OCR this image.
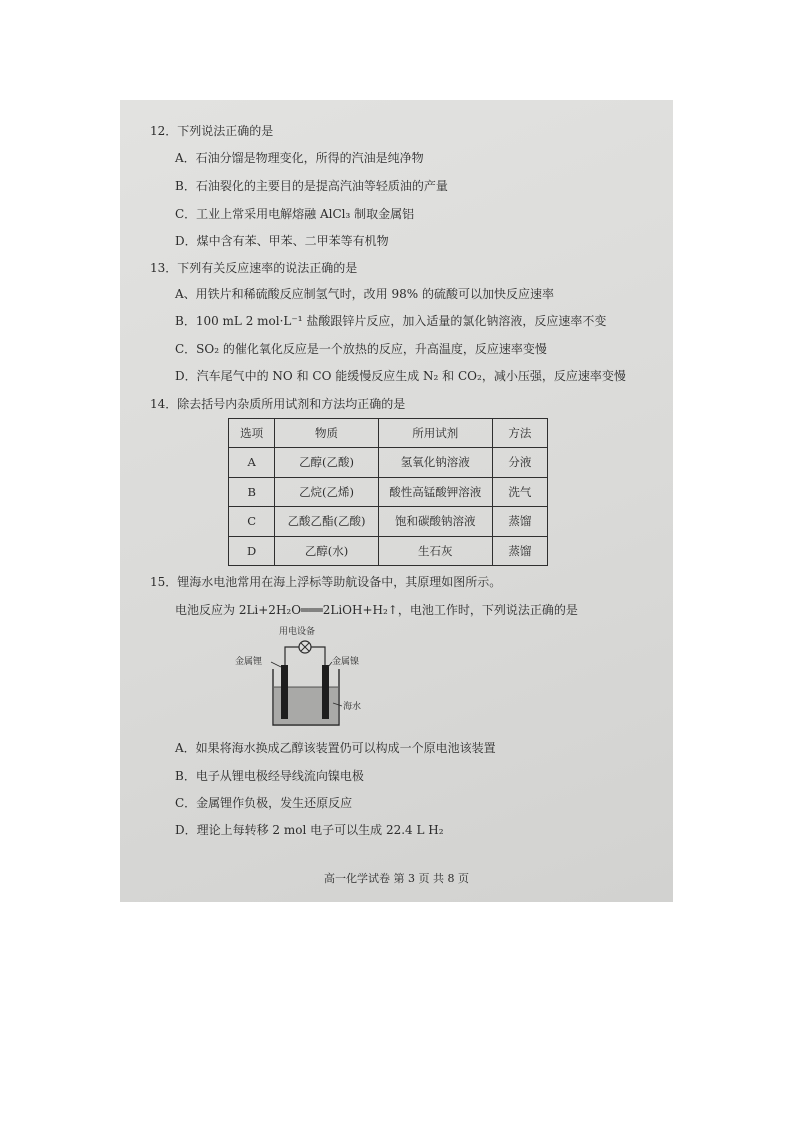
12．下列说法正确的是
A．石油分馏是物理变化，所得的汽油是纯净物
B．石油裂化的主要目的是提高汽油等轻质油的产量
C．工业上常采用电解熔融 AlCl₃ 制取金属铝
D．煤中含有苯、甲苯、二甲苯等有机物
13．下列有关反应速率的说法正确的是
A、用铁片和稀硫酸反应制氢气时，改用 98% 的硫酸可以加快反应速率
B．100 mL 2 mol·L⁻¹ 盐酸跟锌片反应，加入适量的氯化钠溶液，反应速率不变
C．SO₂ 的催化氧化反应是一个放热的反应，升高温度，反应速率变慢
D．汽车尾气中的 NO 和 CO 能缓慢反应生成 N₂ 和 CO₂，减小压强，反应速率变慢
14．除去括号内杂质所用试剂和方法均正确的是
选项	物质	所用试剂	方法
A	乙醇(乙酸)	氢氧化钠溶液	分液
B	乙烷(乙烯)	酸性高锰酸钾溶液	洗气
C	乙酸乙酯(乙酸)	饱和碳酸钠溶液	蒸馏
D	乙醇(水)	生石灰	蒸馏
15．锂海水电池常用在海上浮标等助航设备中，其原理如图所示。
电池反应为 2Li+2H₂O═══2LiOH+H₂↑，电池工作时，下列说法正确的是
用电设备
金属锂	金属镍
海水
A．如果将海水换成乙醇该装置仍可以构成一个原电池该装置
B．电子从锂电极经导线流向镍电极
C．金属锂作负极，发生还原反应
D．理论上每转移 2 mol 电子可以生成 22.4 L H₂
高一化学试卷 第 3 页 共 8 页
